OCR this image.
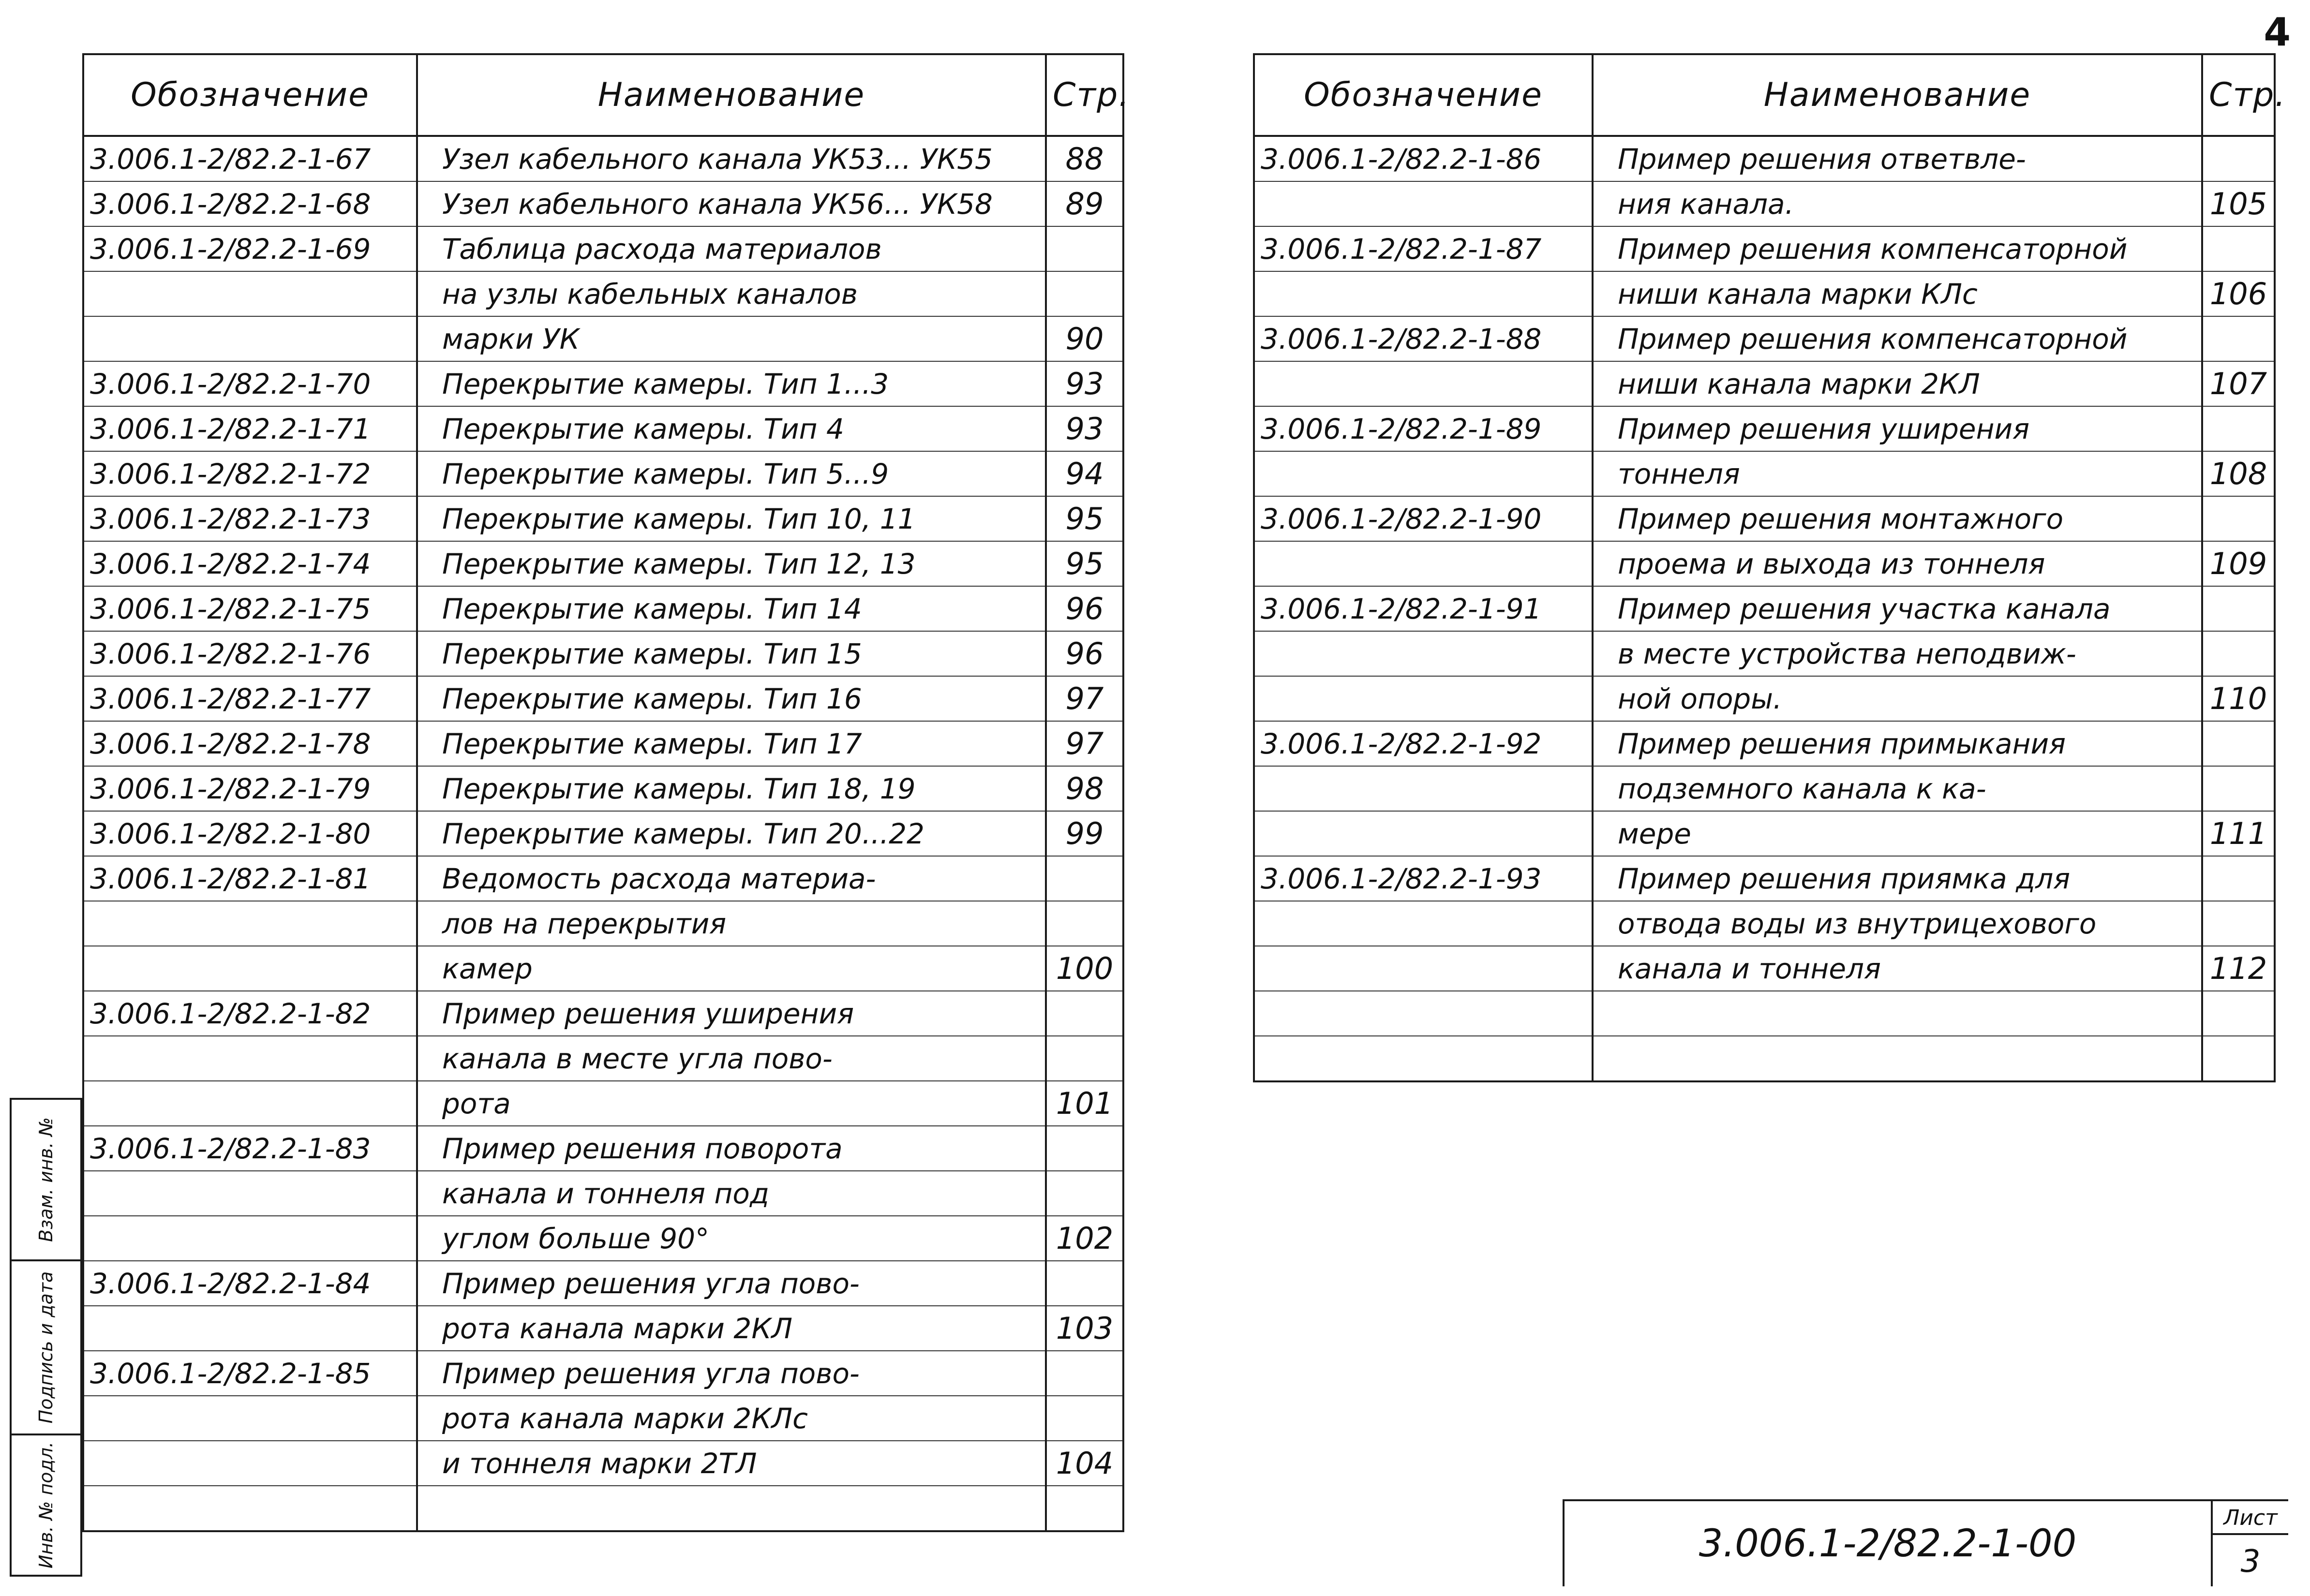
4
Обозначение	Наименование	Стр.
3.006.1-2/82.2-1-67	Узел кабельного канала УК53... УК55	88
3.006.1-2/82.2-1-68	Узел кабельного канала УК56... УК58	89
3.006.1-2/82.2-1-69	Таблица расхода материалов	
	на узлы кабельных каналов	
	марки УК	90
3.006.1-2/82.2-1-70	Перекрытие камеры. Тип 1...3	93
3.006.1-2/82.2-1-71	Перекрытие камеры. Тип 4	93
3.006.1-2/82.2-1-72	Перекрытие камеры. Тип 5...9	94
3.006.1-2/82.2-1-73	Перекрытие камеры. Тип 10, 11	95
3.006.1-2/82.2-1-74	Перекрытие камеры. Тип 12, 13	95
3.006.1-2/82.2-1-75	Перекрытие камеры. Тип 14	96
3.006.1-2/82.2-1-76	Перекрытие камеры. Тип 15	96
3.006.1-2/82.2-1-77	Перекрытие камеры. Тип 16	97
3.006.1-2/82.2-1-78	Перекрытие камеры. Тип 17	97
3.006.1-2/82.2-1-79	Перекрытие камеры. Тип 18, 19	98
3.006.1-2/82.2-1-80	Перекрытие камеры. Тип 20...22	99
3.006.1-2/82.2-1-81	Ведомость расхода материа-	
	лов на перекрытия	
	камер	100
3.006.1-2/82.2-1-82	Пример решения уширения	
	канала в месте угла пово-	
	рота	101
3.006.1-2/82.2-1-83	Пример решения поворота	
	канала и тоннеля под	
	углом больше 90°	102
3.006.1-2/82.2-1-84	Пример решения угла пово-	
	рота канала марки 2КЛ	103
3.006.1-2/82.2-1-85	Пример решения угла пово-	
	рота канала марки 2КЛс	
	и тоннеля марки 2ТЛ	104

Обозначение	Наименование	Стр.
3.006.1-2/82.2-1-86	Пример решения ответвле-	
	ния канала.	105
3.006.1-2/82.2-1-87	Пример решения компенсаторной	
	ниши канала марки КЛс	106
3.006.1-2/82.2-1-88	Пример решения компенсаторной	
	ниши канала марки 2КЛ	107
3.006.1-2/82.2-1-89	Пример решения уширения	
	тоннеля	108
3.006.1-2/82.2-1-90	Пример решения монтажного	
	проема и выхода из тоннеля	109
3.006.1-2/82.2-1-91	Пример решения участка канала	
	в месте устройства неподвиж-	
	ной опоры.	110
3.006.1-2/82.2-1-92	Пример решения примыкания	
	подземного канала к ка-	
	мере	111
3.006.1-2/82.2-1-93	Пример решения приямка для	
	отвода воды из внутрицехового	
	канала и тоннеля	112

Взам. инв. №
Подпись и дата
Инв. № подл.	3.006.1-2/82.2-1-00
Лист
3
